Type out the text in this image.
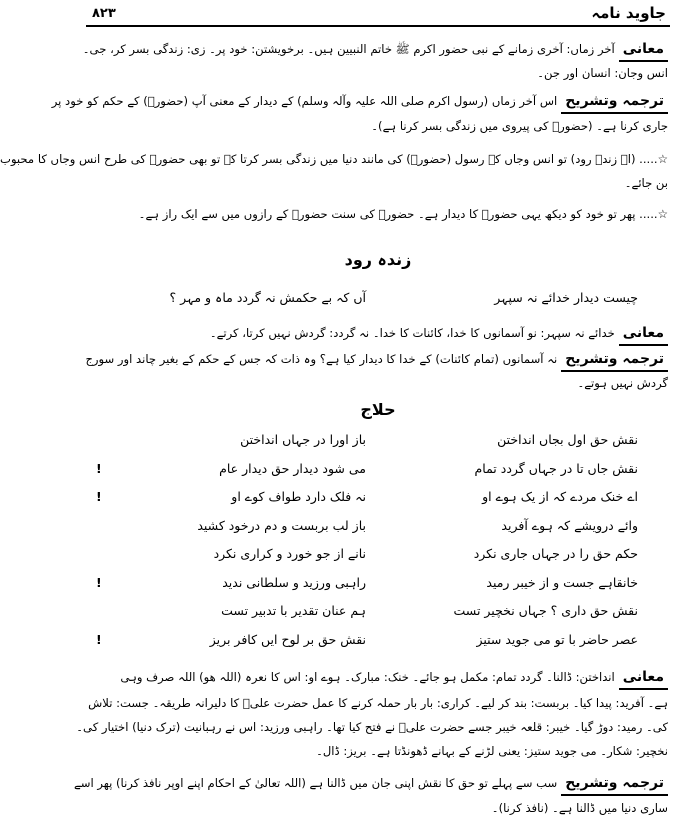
جاوید نامہ
۸۲۳
معانیآخر زماں: آخری زمانے کے نبی حضور اکرم ﷺ خاتم النبیین ہیں۔ برخویشتن: خود پر۔ زی: زندگی بسر کر، جی۔
انس وجان: انسان اور جن۔
ترجمہ وتشریحاس آخر زماں (رسول اکرم صلی اللہ علیہ وآلہ وسلم) کے دیدار کے معنی آپ (حضورؐ) کے حکم کو خود پر
جاری کرنا ہے۔ (حضورؐ کی پیروی میں زندگی بسر کرنا ہے)۔
☆..... (اے زندہ رود) تو انس وجاں کے رسول (حضورؐ) کی مانند دنیا میں زندگی بسر کرتا کہ تو بھی حضورؐ کی طرح انس وجاں کا محبوب
بن جائے۔
☆..... پھر تو خود کو دیکھ یہی حضورؐ کا دیدار ہے۔ حضورؐ کی سنت حضورؐ کے رازوں میں سے ایک راز ہے۔
زندہ رود
چیست دیدار خدائے نہ سپہر
آں کہ بے حکمش نہ گردد ماہ و مہر ؟
معانیخدائے نہ سپہر: نو آسمانوں کا خدا، کائنات کا خدا۔ نہ گردد: گردش نہیں کرتا، کرتے۔
ترجمہ وتشریحنہ آسمانوں (تمام کائنات) کے خدا کا دیدار کیا ہے؟ وہ ذات کہ جس کے حکم کے بغیر چاند اور سورج
گردش نہیں ہوتے۔
حلاج
نقش حق اول بجاں انداختن
باز اورا در جہاں انداختن
نقش جاں تا در جہاں گردد تمام
می شود دیدار حق دیدار عام
!
اے خنک مردے کہ از یک ہوے او
نہ فلک دارد طواف کوے او
!
وائے درویشے کہ ہوے آفرید
باز لب بربست و دم درخود کشید
حکم حق را در جہاں جاری نکرد
نانے از جو خورد و کراری نکرد
خانقاہے جست و از خیبر رمید
راہبی ورزید و سلطانی ندید
!
نقش حق داری ؟ جہاں نخچیر تست
ہم عنان تقدیر با تدبیر تست
عصر حاضر با تو می جوید ستیز
نقش حق بر لوح ایں کافر بریز
!
معانیانداختن: ڈالنا۔ گردد تمام: مکمل ہو جائے۔ خنک: مبارک۔ ہوے او: اس کا نعرہ (اللہ ھو) اللہ صرف وہی
ہے۔ آفرید: پیدا کیا۔ بربست: بند کر لیے۔ کراری: بار بار حملہ کرنے کا عمل حضرت علیؓ کا دلیرانہ طریقہ۔ جست: تلاش
کی۔ رمید: دوڑ گیا۔ خیبر: قلعہ خیبر جسے حضرت علیؓ نے فتح کیا تھا۔ راہبی ورزید: اس نے رہبانیت (ترک دنیا) اختیار کی۔
نخچیر: شکار۔ می جوید ستیز: یعنی لڑنے کے بہانے ڈھونڈتا ہے۔ بریز: ڈال۔
ترجمہ وتشریحسب سے پہلے تو حق کا نقش اپنی جان میں ڈالنا ہے (اللہ تعالیٰ کے احکام اپنے اوپر نافذ کرنا) پھر اسے
ساری دنیا میں ڈالنا ہے۔ (نافذ کرنا)۔
